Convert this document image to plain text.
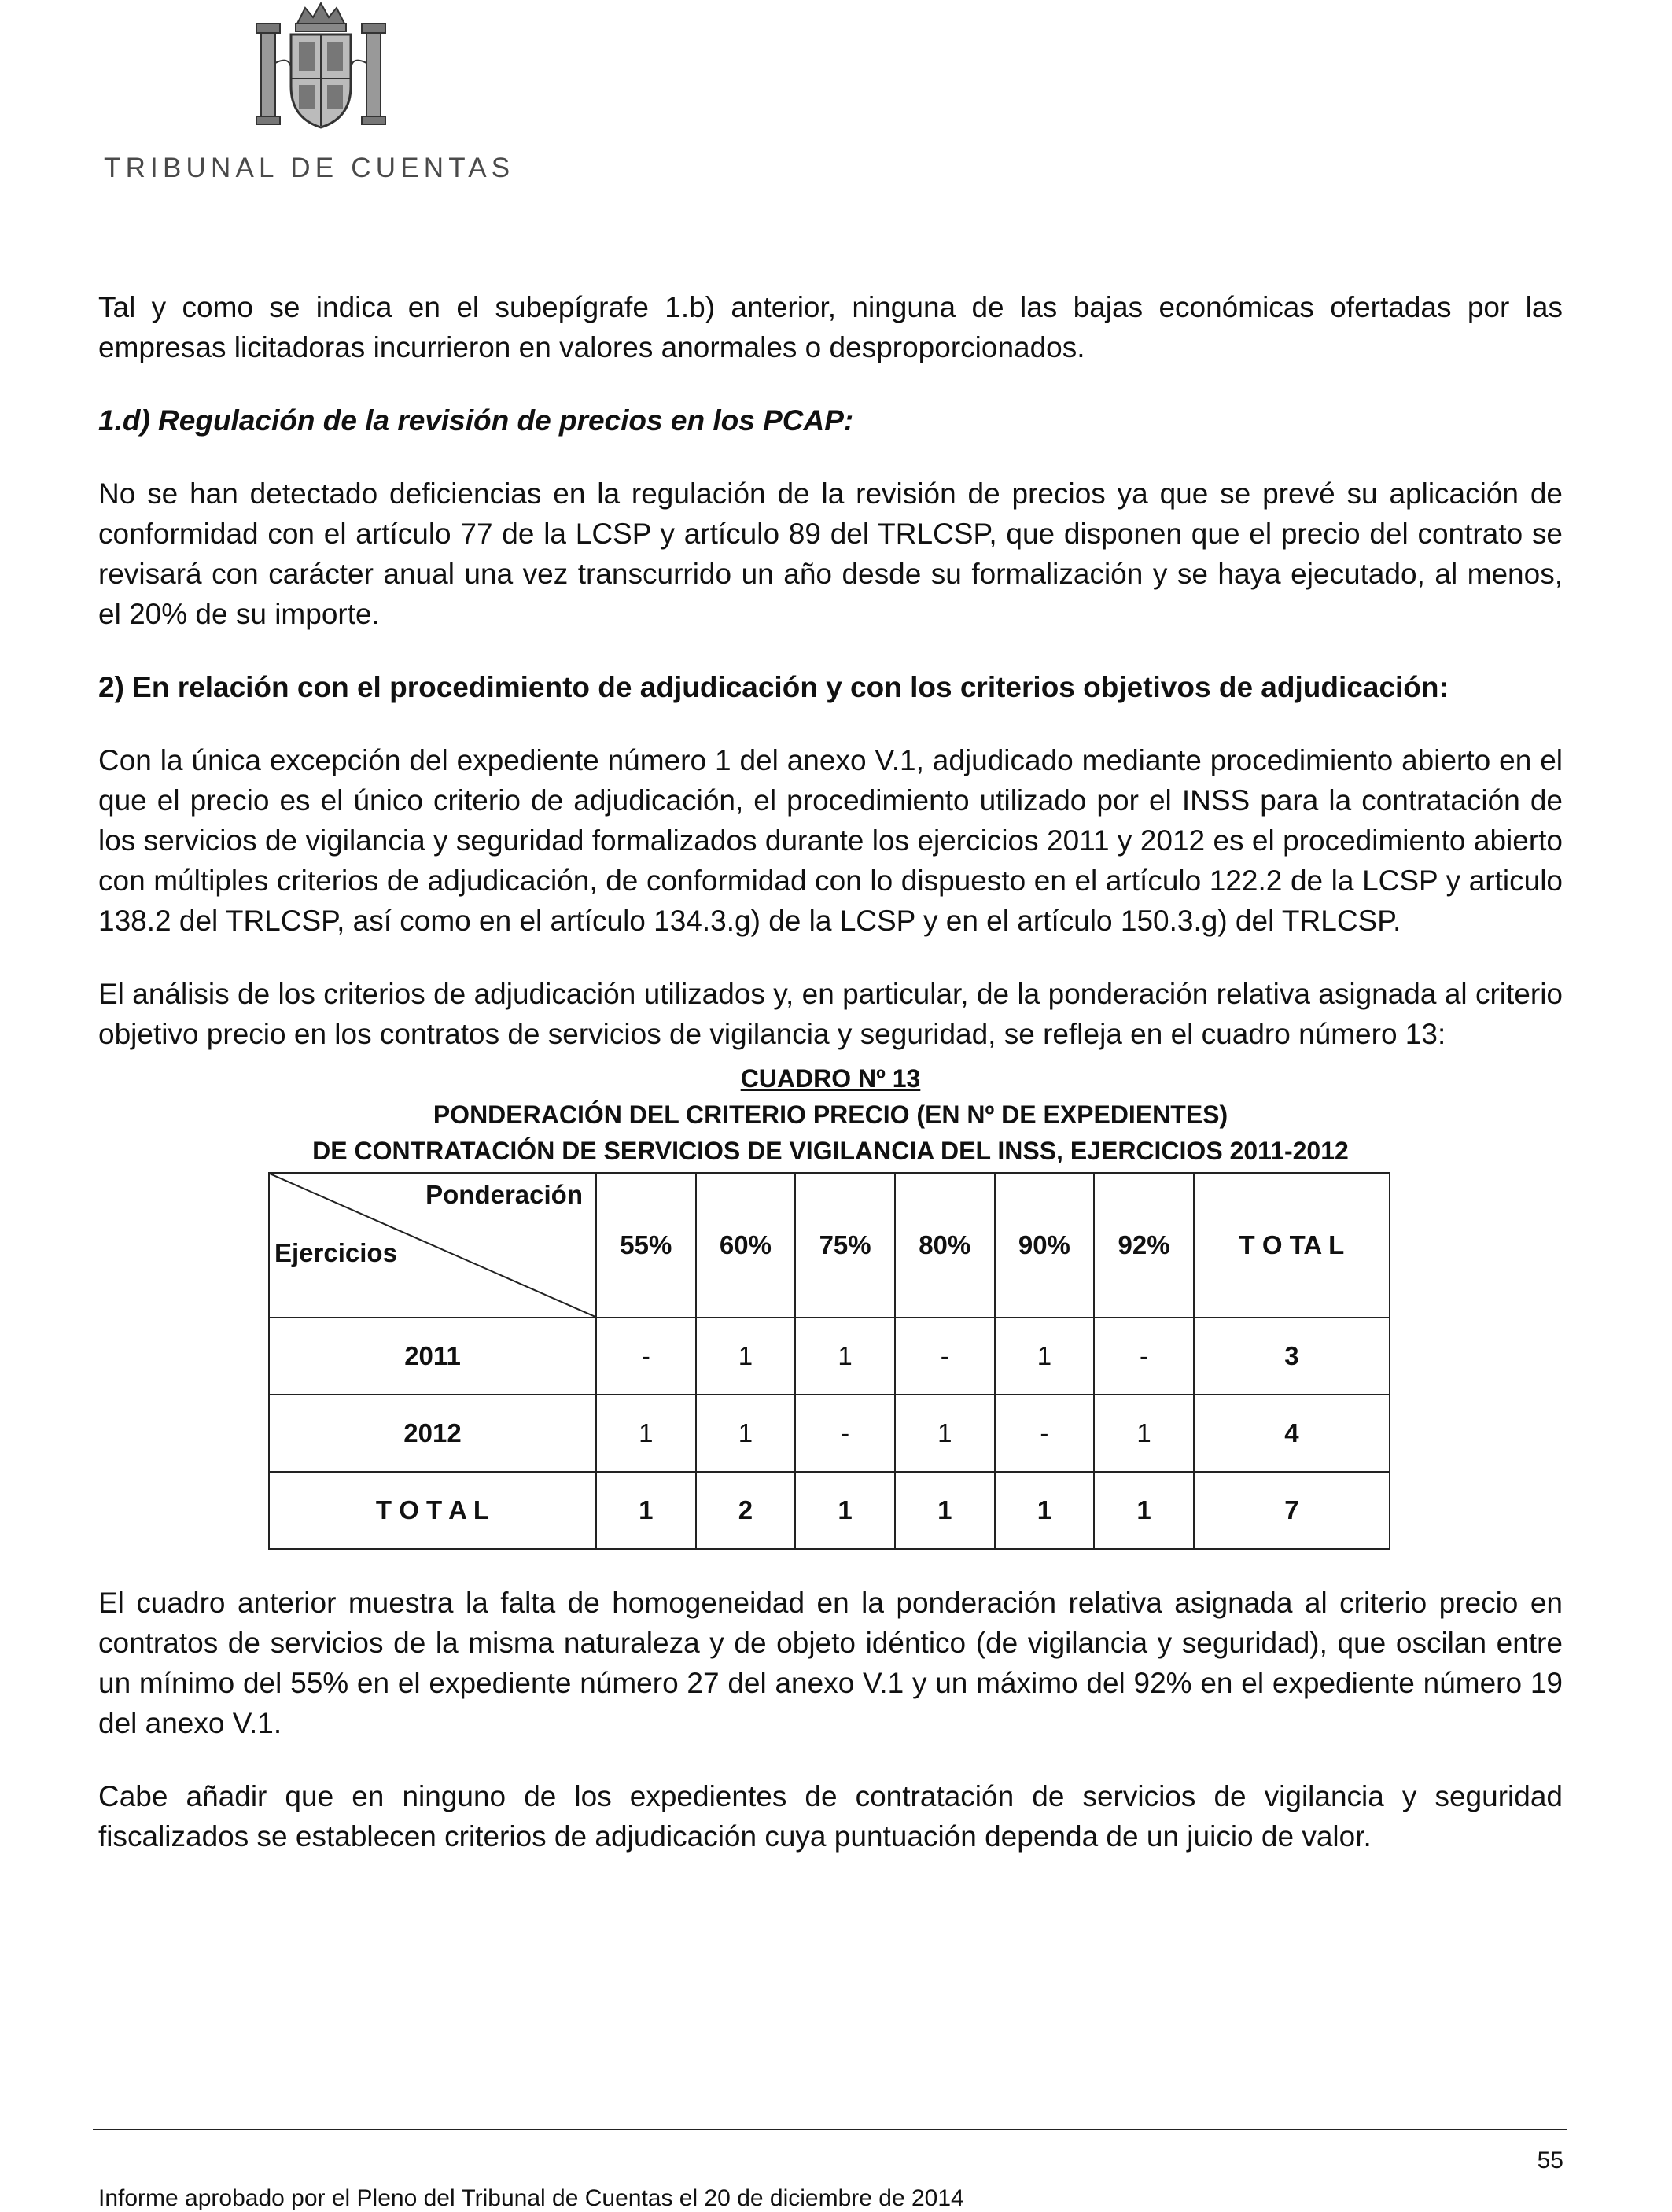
TRIBUNAL DE CUENTAS

Tal y como se indica en el subepígrafe 1.b) anterior, ninguna de las bajas económicas ofertadas por las empresas licitadoras incurrieron en valores anormales o desproporcionados.

1.d) Regulación de la revisión de precios en los PCAP:

No se han detectado deficiencias en la regulación de la revisión de precios ya que se prevé su aplicación de conformidad con el artículo 77 de la LCSP y artículo 89 del TRLCSP, que disponen que el precio del contrato se revisará con carácter anual una vez transcurrido un año desde su formalización y se haya ejecutado, al menos, el 20% de su importe.

2) En relación con el procedimiento de adjudicación y con los criterios objetivos de adjudicación:

Con la única excepción del expediente número 1 del anexo V.1, adjudicado mediante procedimiento abierto en el que el precio es el único criterio de adjudicación, el procedimiento utilizado por el INSS para la contratación de los servicios de vigilancia y seguridad formalizados durante los ejercicios 2011 y 2012 es el procedimiento abierto con múltiples criterios de adjudicación, de conformidad con lo dispuesto en el artículo 122.2 de la LCSP y articulo 138.2 del TRLCSP, así como en el artículo 134.3.g) de la LCSP y en el artículo 150.3.g) del TRLCSP.

El análisis de los criterios de adjudicación utilizados y, en particular, de la ponderación relativa asignada al criterio objetivo precio en los contratos de servicios de vigilancia y seguridad, se refleja en el cuadro número 13:

CUADRO Nº 13
PONDERACIÓN DEL CRITERIO PRECIO (EN Nº DE EXPEDIENTES)
DE CONTRATACIÓN DE SERVICIOS DE VIGILANCIA DEL INSS, EJERCICIOS 2011-2012
Ponderación
Ejercicios	55%	60%	75%	80%	90%	92%	T O TA L
2011	-	1	1	-	1	-	3
2012	1	1	-	1	-	1	4
T O T A L	1	2	1	1	1	1	7

El cuadro anterior muestra la falta de homogeneidad en la ponderación relativa asignada al criterio precio en contratos de servicios de la misma naturaleza y de objeto idéntico (de vigilancia y seguridad), que oscilan entre un mínimo del 55% en el expediente número 27 del anexo V.1 y un máximo del 92% en el expediente número 19 del anexo V.1.

Cabe añadir que en ninguno de los expedientes de contratación de servicios de vigilancia y seguridad fiscalizados se establecen criterios de adjudicación cuya puntuación dependa de un juicio de valor.

55
Informe aprobado por el Pleno del Tribunal de Cuentas el 20 de diciembre de 2014
